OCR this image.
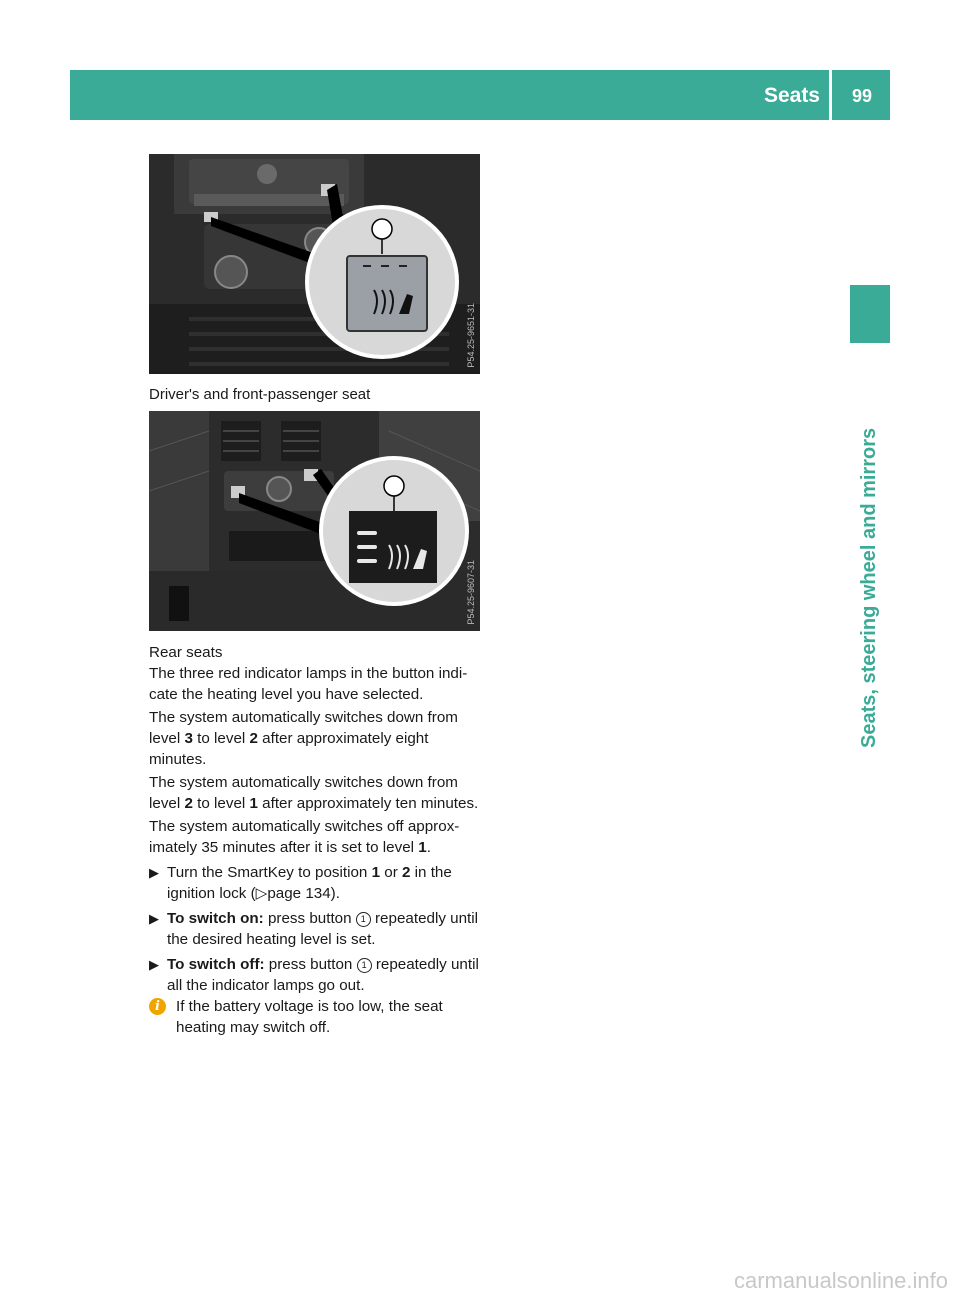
Seats 99
Seats, steering wheel and mirrors
P54.25-9651-31
Driver's and front-passenger seat
P54.25-9607-31

Rear seats

The three red indicator lamps in the button indi-cate the heating level you have selected.

The system automatically switches down from level 3 to level 2 after approximately eight minutes.

The system automatically switches down from level 2 to level 1 after approximately ten minutes.

The system automatically switches off approx-imately 35 minutes after it is set to level 1.

▶ Turn the SmartKey to position 1 or 2 in the ignition lock (▷page 134).

▶ To switch on: press button 1 repeatedly until the desired heating level is set.

▶ To switch off: press button 1 repeatedly until all the indicator lamps go out.

i	If the battery voltage is too low, the seat heating may switch off.

carmanualsonline.info
